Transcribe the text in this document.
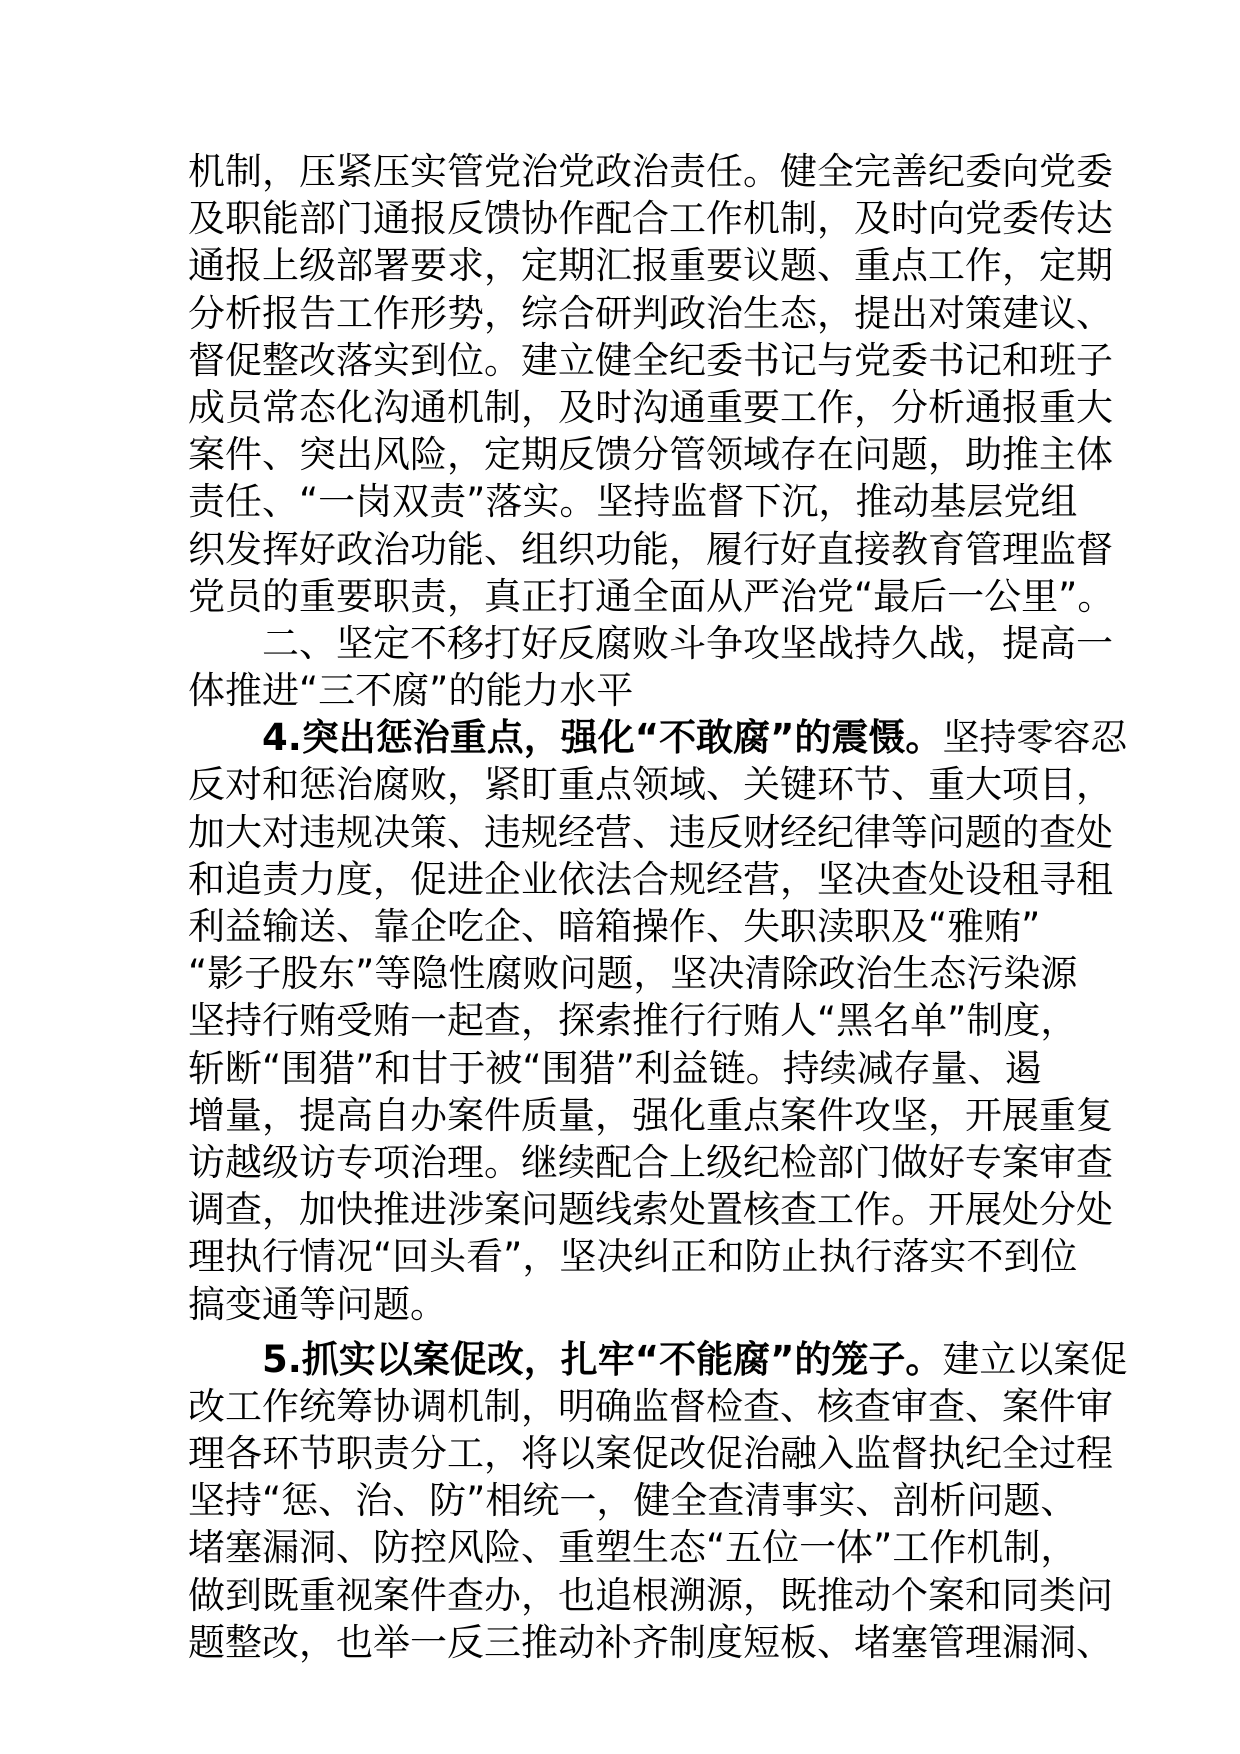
机制，压紧压实管党治党政治责任。健全完善纪委向党委
及职能部门通报反馈协作配合工作机制，及时向党委传达
通报上级部署要求，定期汇报重要议题、重点工作，定期
分析报告工作形势，综合研判政治生态，提出对策建议、
督促整改落实到位。建立健全纪委书记与党委书记和班子
成员常态化沟通机制，及时沟通重要工作，分析通报重大
案件、突出风险，定期反馈分管领域存在问题，助推主体
责任、“一岗双责”落实。坚持监督下沉，推动基层党组
织发挥好政治功能、组织功能，履行好直接教育管理监督
党员的重要职责，真正打通全面从严治党“最后一公里”。
二、坚定不移打好反腐败斗争攻坚战持久战，提高一
体推进“三不腐”的能力水平
4.突出惩治重点，强化“不敢腐”的震慑。坚持零容忍
反对和惩治腐败，紧盯重点领域、关键环节、重大项目，
加大对违规决策、违规经营、违反财经纪律等问题的查处
和追责力度，促进企业依法合规经营，坚决查处设租寻租
利益输送、靠企吃企、暗箱操作、失职渎职及“雅贿”
“影子股东”等隐性腐败问题，坚决清除政治生态污染源
坚持行贿受贿一起查，探索推行行贿人“黑名单”制度，
斩断“围猎”和甘于被“围猎”利益链。持续减存量、遏
增量，提高自办案件质量，强化重点案件攻坚，开展重复
访越级访专项治理。继续配合上级纪检部门做好专案审查
调查，加快推进涉案问题线索处置核查工作。开展处分处
理执行情况“回头看”，坚决纠正和防止执行落实不到位
搞变通等问题。
5.抓实以案促改，扎牢“不能腐”的笼子。建立以案促
改工作统筹协调机制，明确监督检查、核查审查、案件审
理各环节职责分工，将以案促改促治融入监督执纪全过程
坚持“惩、治、防”相统一，健全查清事实、剖析问题、
堵塞漏洞、防控风险、重塑生态“五位一体”工作机制，
做到既重视案件查办，也追根溯源，既推动个案和同类问
题整改，也举一反三推动补齐制度短板、堵塞管理漏洞、
